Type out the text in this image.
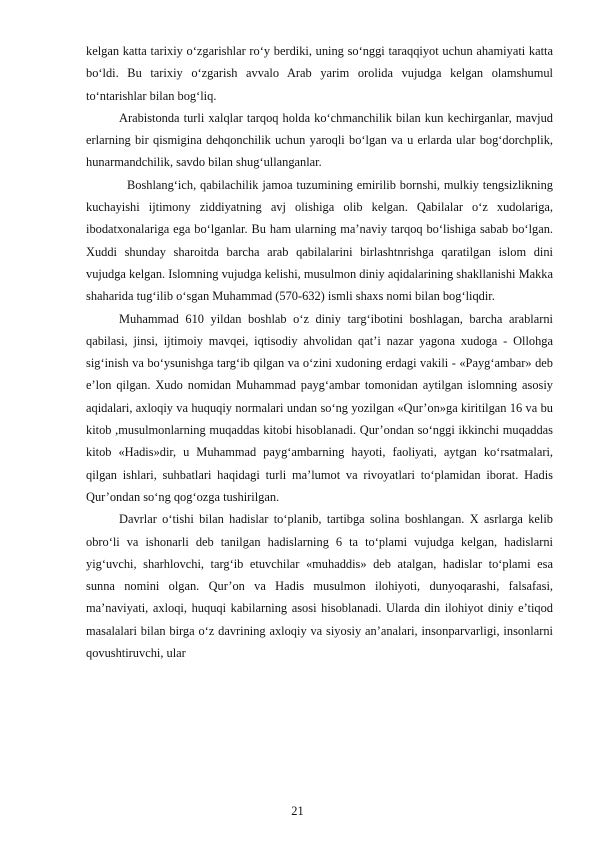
kelgan katta tarixiy o‘zgarishlar ro‘y berdiki, uning so‘nggi taraqqiyot uchun ahamiyati katta bo‘ldi. Bu tarixiy o‘zgarish avvalo Arab yarim orolida vujudga kelgan olamshumul to‘ntarishlar bilan bog‘liq.

Arabistonda turli xalqlar tarqoq holda ko‘chmanchilik bilan kun kechirganlar, mavjud erlarning bir qismigina dehqonchilik uchun yaroqli bo‘lgan va u erlarda ular bog‘dorchplik, hunarmandchilik, savdo bilan shug‘ullanganlar.

Boshlang‘ich, qabilachilik jamoa tuzumining emirilib bornshi, mulkiy tengsizlikning kuchayishi ijtimony ziddiyatning avj olishiga olib kelgan. Qabilalar o‘z xudolariga, ibodatxonalariga ega bo‘lganlar. Bu ham ularning ma’naviy tarqoq bo‘lishiga sabab bo‘lgan. Xuddi shunday sharoitda barcha arab qabilalarini birlashtnrishga qaratilgan islom dini vujudga kelgan. Islomning vujudga kelishi, musulmon diniy aqidalarining shakllanishi Makka shaharida tug‘ilib o‘sgan Muhammad (570-632) ismli shaxs nomi bilan bog‘liqdir.

Muhammad 610 yildan boshlab o‘z diniy targ‘ibotini boshlagan, barcha arablarni qabilasi, jinsi, ijtimoiy mavqei, iqtisodiy ahvolidan qat’i nazar yagona xudoga - Ollohga sig‘inish va bo‘ysunishga targ‘ib qilgan va o‘zini xudoning erdagi vakili - «Payg‘ambar» deb e’lon qilgan. Xudo nomidan Muhammad payg‘ambar tomonidan aytilgan islomning asosiy aqidalari, axloqiy va huquqiy normalari undan so‘ng yozilgan «Qur’on»ga kiritilgan 16 va bu kitob ,musulmonlarning muqaddas kitobi hisoblanadi. Qur’ondan so‘nggi ikkinchi muqaddas kitob «Hadis»dir, u Muhammad payg‘ambarning hayoti, faoliyati, aytgan ko‘rsatmalari, qilgan ishlari, suhbatlari haqidagi turli ma’lumot va rivoyatlari to‘plamidan iborat. Hadis Qur’ondan so‘ng qog‘ozga tushirilgan.

Davrlar o‘tishi bilan hadislar to‘planib, tartibga solina boshlangan. X asrlarga kelib obro‘li va ishonarli deb tanilgan hadislarning 6 ta to‘plami vujudga kelgan, hadislarni yig‘uvchi, sharhlovchi, targ‘ib etuvchilar «muhaddis» deb atalgan, hadislar to‘plami esa sunna nomini olgan. Qur’on va Hadis musulmon ilohiyoti, dunyoqarashi, falsafasi, ma’naviyati, axloqi, huquqi kabilarning asosi hisoblanadi. Ularda din ilohiyot diniy e’tiqod masalalari bilan birga o‘z davrining axloqiy va siyosiy an’analari, insonparvarligi, insonlarni qovushtiruvchi, ular

21
